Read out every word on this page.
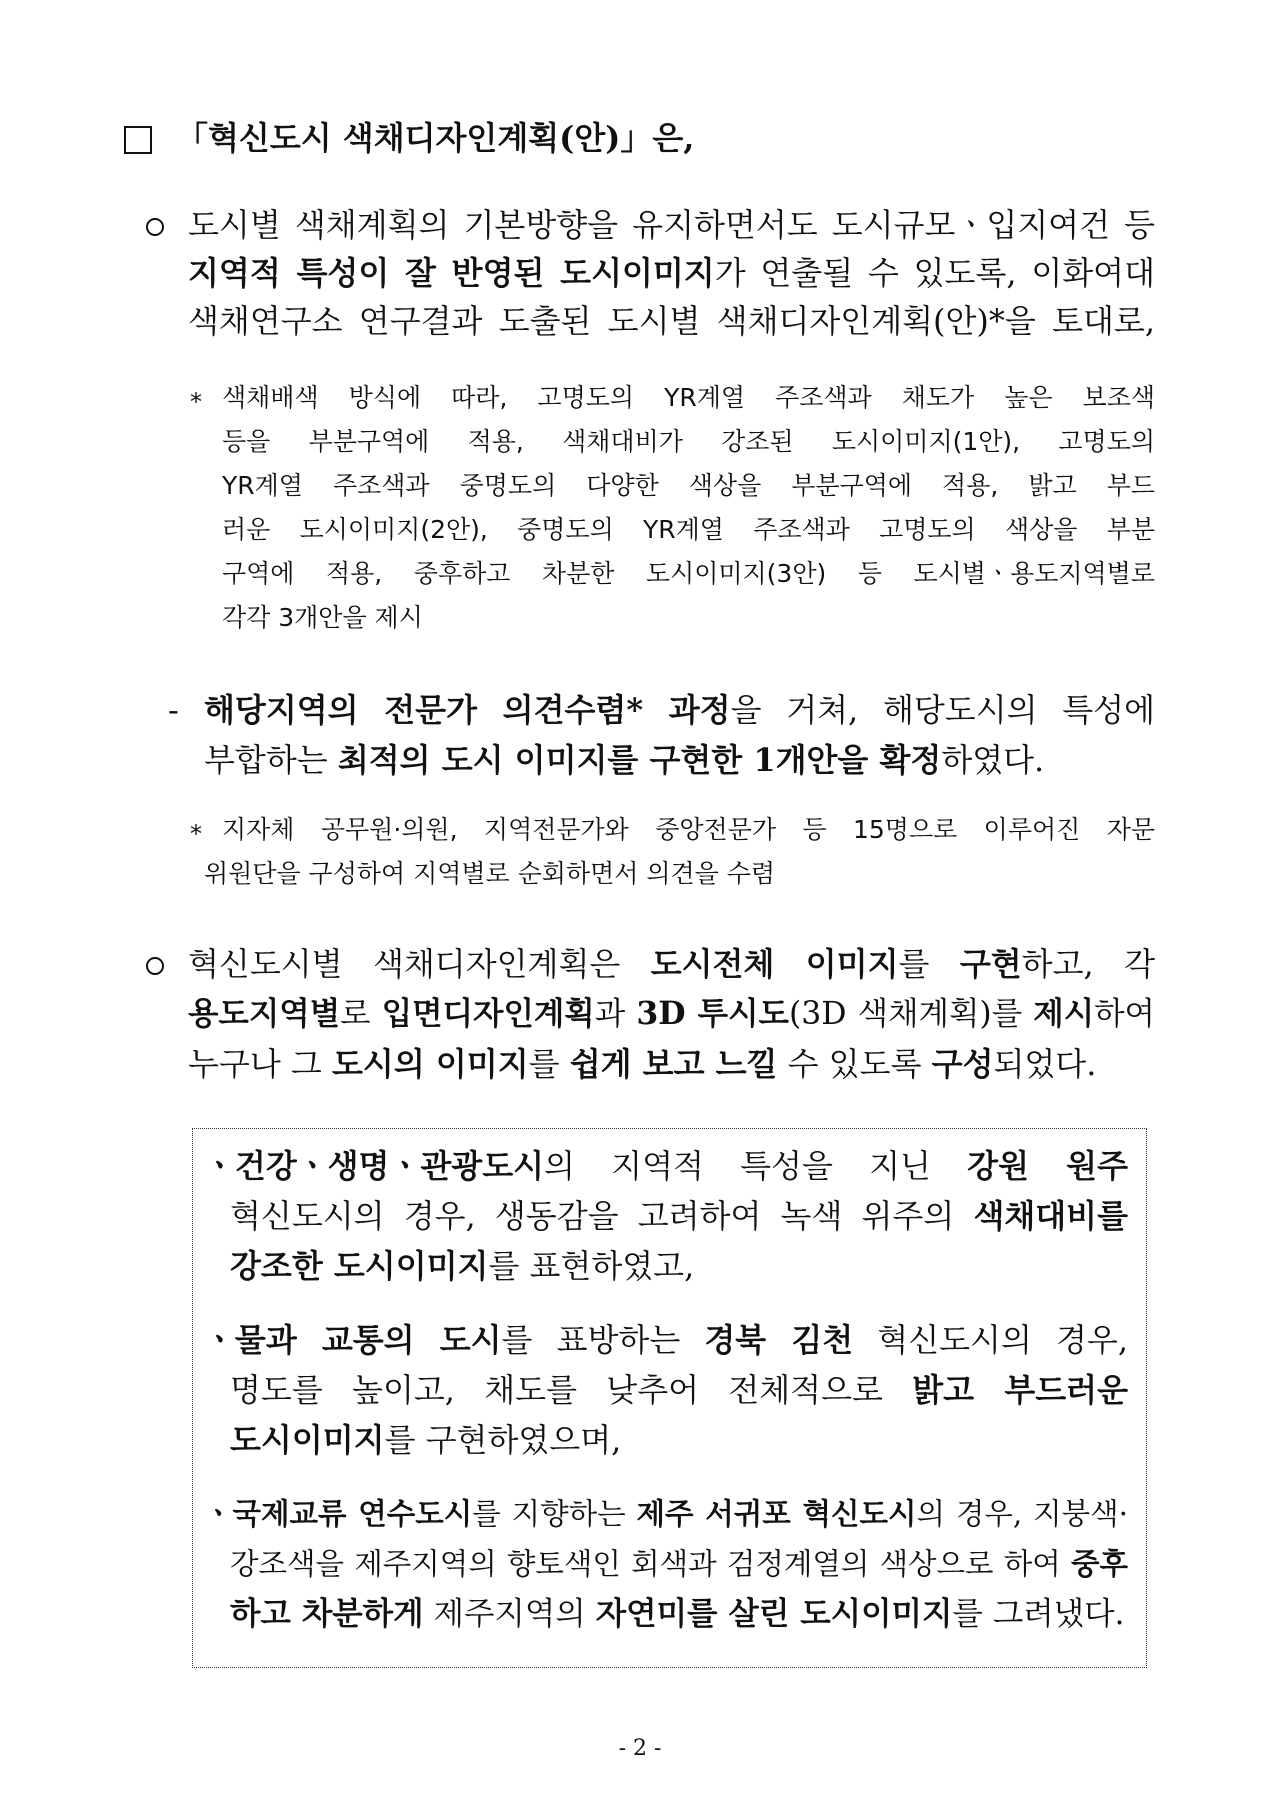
「혁신도시 색채디자인계획(안)」은,
도시별 색채계획의 기본방향을 유지하면서도 도시규모ㆍ입지여건 등
지역적 특성이 잘 반영된 도시이미지가 연출될 수 있도록, 이화여대
색채연구소 연구결과 도출된 도시별 색채디자인계획(안)*을 토대로,
* 색채배색 방식에 따라, 고명도의 YR계열 주조색과 채도가 높은 보조색
등을 부분구역에 적용, 색채대비가 강조된 도시이미지(1안), 고명도의
YR계열 주조색과 중명도의 다양한 색상을 부분구역에 적용, 밝고 부드
러운 도시이미지(2안), 중명도의 YR계열 주조색과 고명도의 색상을 부분
구역에 적용, 중후하고 차분한 도시이미지(3안) 등 도시별ㆍ용도지역별로
각각 3개안을 제시
- 해당지역의 전문가 의견수렴* 과정을 거쳐, 해당도시의 특성에
부합하는 최적의 도시 이미지를 구현한 1개안을 확정하였다.
* 지자체 공무원·의원, 지역전문가와 중앙전문가 등 15명으로 이루어진 자문
위원단을 구성하여 지역별로 순회하면서 의견을 수렴
혁신도시별 색채디자인계획은 도시전체 이미지를 구현하고, 각
용도지역별로 입면디자인계획과 3D 투시도(3D 색채계획)를 제시하여
누구나 그 도시의 이미지를 쉽게 보고 느낄 수 있도록 구성되었다.
ㆍ건강ㆍ생명ㆍ관광도시의 지역적 특성을 지닌 강원 원주
혁신도시의 경우, 생동감을 고려하여 녹색 위주의 색채대비를
강조한 도시이미지를 표현하였고,
ㆍ물과 교통의 도시를 표방하는 경북 김천 혁신도시의 경우,
명도를 높이고, 채도를 낮추어 전체적으로 밝고 부드러운
도시이미지를 구현하였으며,
ㆍ국제교류 연수도시를 지향하는 제주 서귀포 혁신도시의 경우, 지붕색·
강조색을 제주지역의 향토색인 회색과 검정계열의 색상으로 하여 중후
하고 차분하게 제주지역의 자연미를 살린 도시이미지를 그려냈다.
- 2 -
